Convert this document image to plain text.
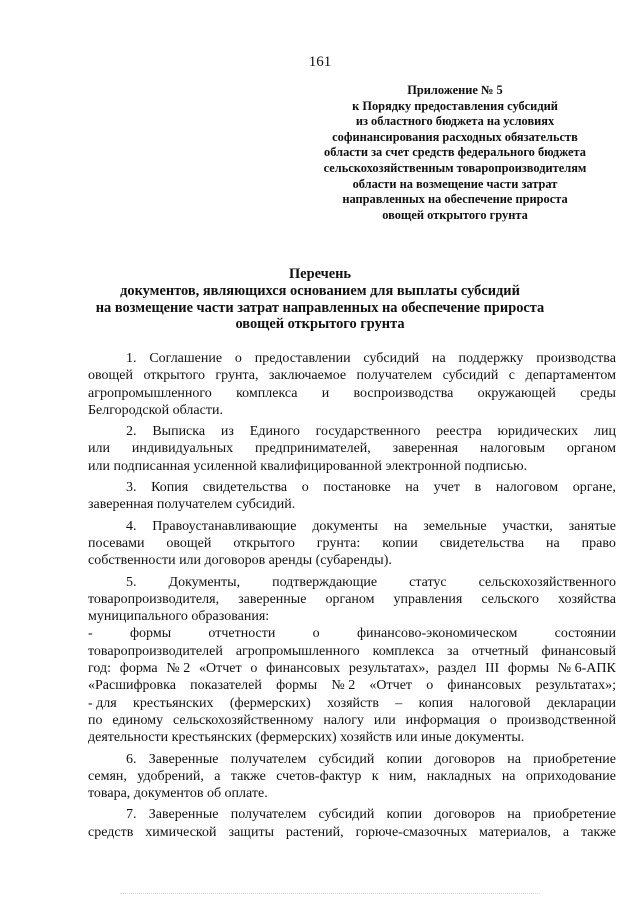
161
Приложение № 5
к Порядку предоставления субсидий
из областного бюджета на условиях
софинансирования расходных обязательств
области за счет средств федерального бюджета
сельскохозяйственным товаропроизводителям
области на возмещение части затрат
направленных на обеспечение прироста
овощей открытого грунта
Перечень
документов, являющихся основанием для выплаты субсидий
на возмещение части затрат направленных на обеспечение прироста
овощей открытого грунта
1. Соглашение о предоставлении субсидий на поддержку производства
овощей открытого грунта, заключаемое получателем субсидий с департаментом
агропромышленного комплекса и воспроизводства окружающей среды
Белгородской области.
2. Выписка из Единого государственного реестра юридических лиц
или индивидуальных предпринимателей, заверенная налоговым органом
или подписанная усиленной квалифицированной электронной подписью.
3. Копия свидетельства о постановке на учет в налоговом органе,
заверенная получателем субсидий.
4. Правоустанавливающие документы на земельные участки, занятые
посевами овощей открытого грунта: копии свидетельства на право
собственности или договоров аренды (субаренды).
5. Документы, подтверждающие статус сельскохозяйственного
товаропроизводителя, заверенные органом управления сельского хозяйства
муниципального образования:
-	формы	отчетности	о	финансово-экономическом	состоянии
товаропроизводителей агропромышленного комплекса за отчетный финансовый
год: форма № 2 «Отчет о финансовых результатах», раздел III формы № 6-АПК
«Расшифровка показателей формы № 2 «Отчет о финансовых результатах»;
- для крестьянских (фермерских) хозяйств – копия налоговой декларации
по единому сельскохозяйственному налогу или информация о производственной
деятельности крестьянских (фермерских) хозяйств или иные документы.
6. Заверенные получателем субсидий копии договоров на приобретение
семян, удобрений, а также счетов-фактур к ним, накладных на оприходование
товара, документов об оплате.
7. Заверенные получателем субсидий копии договоров на приобретение
средств химической защиты растений, горюче-смазочных материалов, а также
